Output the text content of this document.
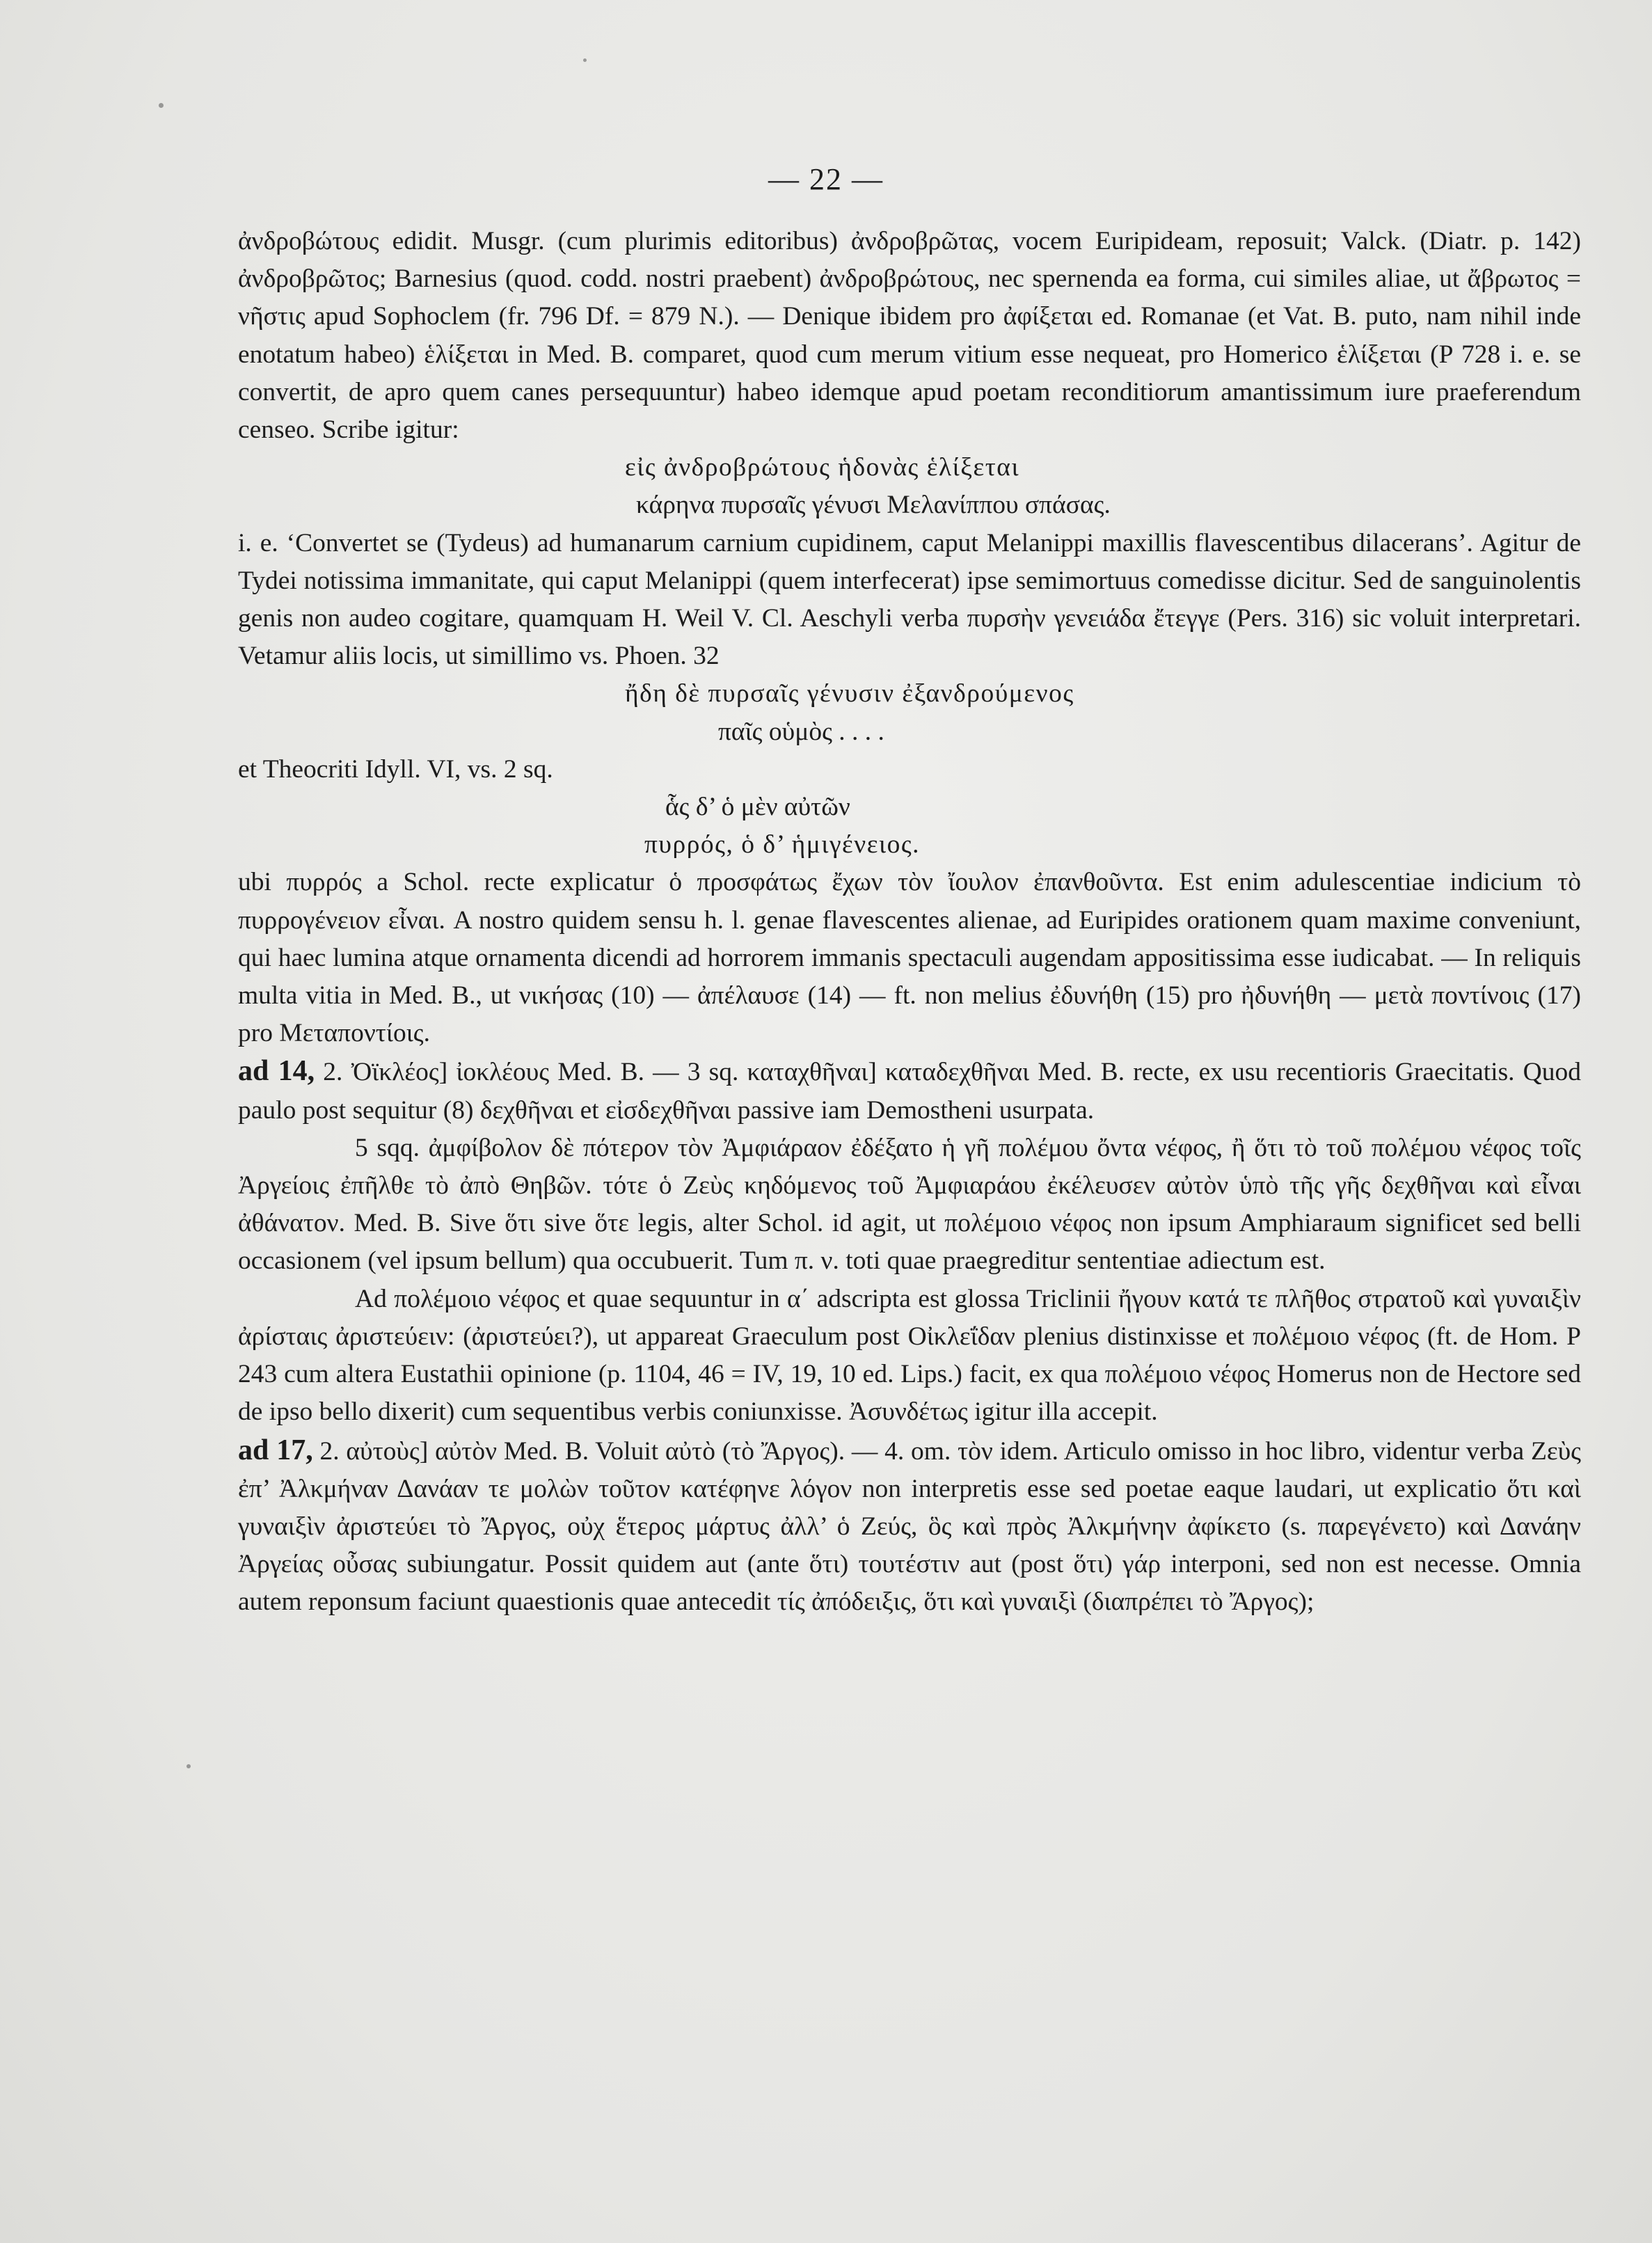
— 22 —

ἀνδροβώτους edidit. Musgr. (cum plurimis editoribus) ἀνδροβρῶτας, vocem Euripideam, reposuit; Valck. (Diatr. p. 142) ἀνδροβρῶτος; Barnesius (quod. codd. nostri praebent) ἀνδροβρώτους, nec spernenda ea forma, cui similes aliae, ut ἄβρωτος = νῆστις apud Sophoclem (fr. 796 Df. = 879 N.). — Denique ibidem pro ἀφίξεται ed. Romanae (et Vat. B. puto, nam nihil inde enotatum habeo) ἑλίξεται in Med. B. comparet, quod cum merum vitium esse nequeat, pro Homerico ἑλίξεται (P 728 i. e. se convertit, de apro quem canes persequuntur) habeo idemque apud poetam reconditiorum amantissimum iure praeferendum censeo. Scribe igitur:

εἰς ἀνδροβρώτους ἡδονὰς ἑλίξεται

κάρηνα πυρσαῖς γένυσι Μελανίππου σπάσας.

i. e. ‘Convertet se (Tydeus) ad humanarum carnium cupidinem, caput Melanippi maxillis flavescentibus dilacerans’. Agitur de Tydei notissima immanitate, qui caput Melanippi (quem interfecerat) ipse semimortuus comedisse dicitur. Sed de sanguinolentis genis non audeo cogitare, quamquam H. Weil V. Cl. Aeschyli verba πυρσὴν γενειάδα ἔτεγγε (Pers. 316) sic voluit interpretari. Vetamur aliis locis, ut simillimo vs. Phoen. 32

ἤδη δὲ πυρσαῖς γένυσιν ἐξανδρούμενος

παῖς οὑμὸς . . . .

et Theocriti Idyll. VI, vs. 2 sq.

ἇς δ’ ὁ μὲν αὐτῶν

πυρρός, ὁ δ’ ἡμιγένειος.

ubi πυρρός a Schol. recte explicatur ὁ προσφάτως ἔχων τὸν ἴουλον ἐπανθοῦντα. Est enim adulescentiae indicium τὸ πυρρογένειον εἶναι. A nostro quidem sensu h. l. genae flavescentes alienae, ad Euripides orationem quam maxime conveniunt, qui haec lumina atque ornamenta dicendi ad horrorem immanis spectaculi augendam appositissima esse iudicabat. — In reliquis multa vitia in Med. B., ut νικήσας (10) — ἀπέλαυσε (14) — ft. non melius ἐδυνήθη (15) pro ἠδυνήθη — μετὰ ποντίνοις (17) pro Μεταποντίοις.

ad 14, 2. Ὀϊκλέος] ἰοκλέους Med. B. — 3 sq. καταχθῆναι] καταδεχθῆναι Med. B. recte, ex usu recentioris Graecitatis. Quod paulo post sequitur (8) δεχθῆναι et εἰσδεχθῆναι passive iam Demostheni usurpata.

5 sqq. ἀμφίβολον δὲ πότερον τὸν Ἀμφιάραον ἐδέξατο ἡ γῆ πολέμου ὄντα νέφος, ἢ ὅτι τὸ τοῦ πολέμου νέφος τοῖς Ἀργείοις ἐπῆλθε τὸ ἀπὸ Θηβῶν. τότε ὁ Ζεὺς κηδόμενος τοῦ Ἀμφιαράου ἐκέλευσεν αὐτὸν ὑπὸ τῆς γῆς δεχθῆναι καὶ εἶναι ἀθάνατον. Med. B. Sive ὅτι sive ὅτε legis, alter Schol. id agit, ut πολέμοιο νέφος non ipsum Amphiaraum significet sed belli occasionem (vel ipsum bellum) qua occubuerit. Tum π. ν. toti quae praegreditur sententiae adiectum est.

Ad πολέμοιο νέφος et quae sequuntur in α΄ adscripta est glossa Triclinii ἤγουν κατά τε πλῆθος στρατοῦ καὶ γυναιξὶν ἀρίσταις ἀριστεύειν: (ἀριστεύει?), ut appareat Graeculum post Οἰκλεΐδαν plenius distinxisse et πολέμοιο νέφος (ft. de Hom. P 243 cum altera Eustathii opinione (p. 1104, 46 = IV, 19, 10 ed. Lips.) facit, ex qua πολέμοιο νέφος Homerus non de Hectore sed de ipso bello dixerit) cum sequentibus verbis coniunxisse. Ἀσυνδέτως igitur illa accepit.

ad 17, 2. αὐτοὺς] αὐτὸν Med. B. Voluit αὐτὸ (τὸ Ἄργος). — 4. om. τὸν idem. Articulo omisso in hoc libro, videntur verba Ζεὺς ἐπ’ Ἀλκμήναν Δανάαν τε μολὼν τοῦτον κατέφηνε λόγον non interpretis esse sed poetae eaque laudari, ut explicatio ὅτι καὶ γυναιξὶν ἀριστεύει τὸ Ἄργος, οὐχ ἕτερος μάρτυς ἀλλ’ ὁ Ζεύς, ὃς καὶ πρὸς Ἀλκμήνην ἀφίκετο (s. παρεγένετο) καὶ Δανάην Ἀργείας οὖσας subiungatur. Possit quidem aut (ante ὅτι) τουτέστιν aut (post ὅτι) γάρ interponi, sed non est necesse. Omnia autem reponsum faciunt quaestionis quae antecedit τίς ἀπόδειξις, ὅτι καὶ γυναιξὶ (διαπρέπει τὸ Ἄργος);
